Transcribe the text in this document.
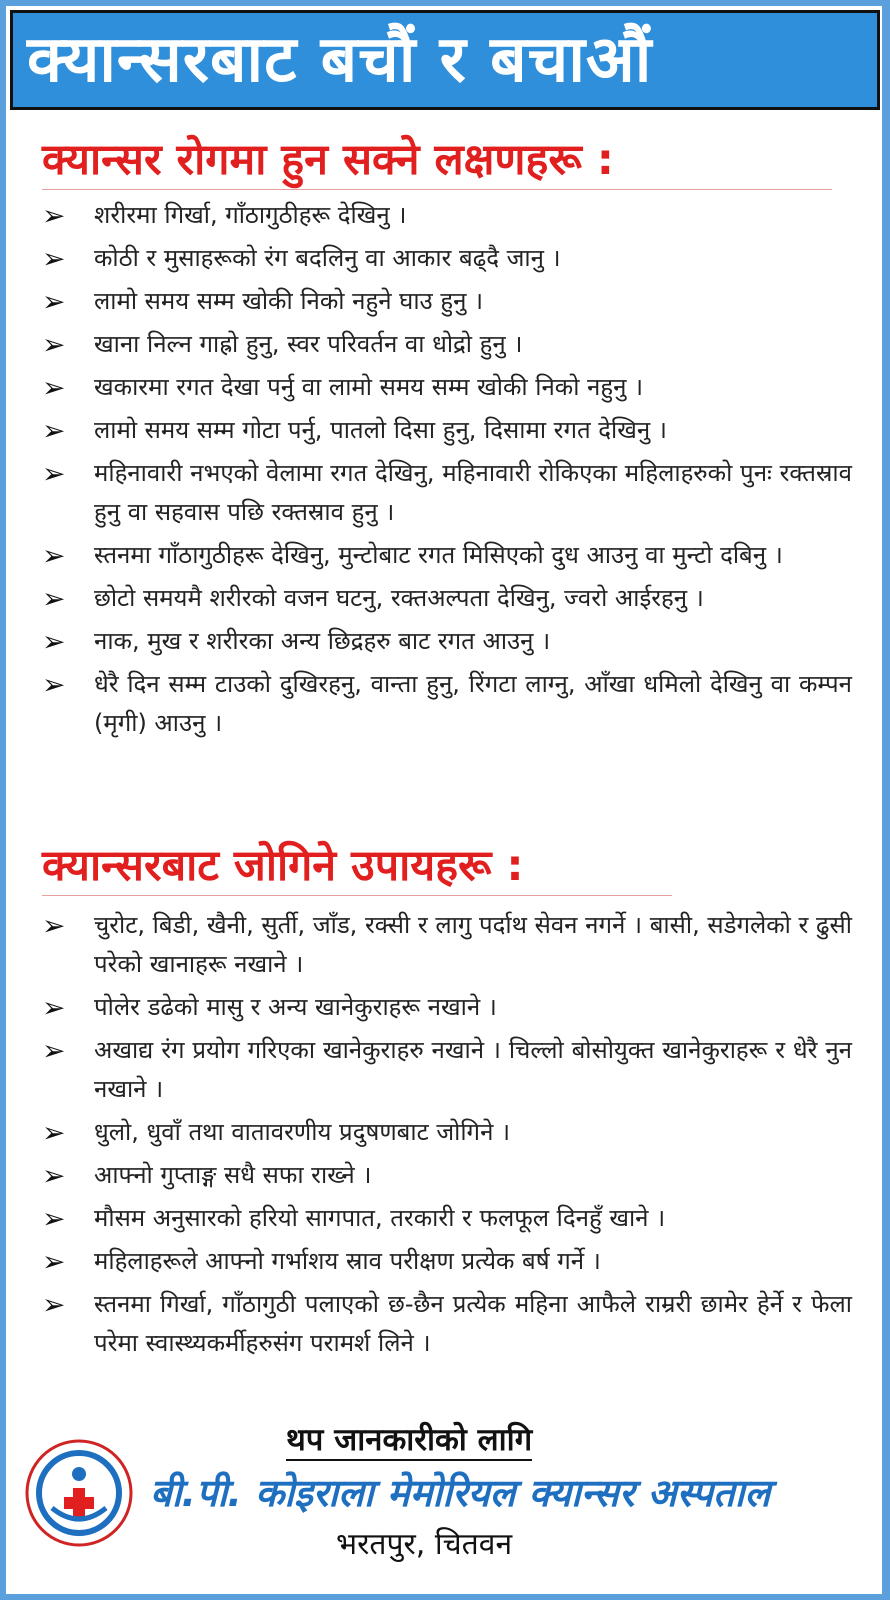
क्यान्सरबाट बचौं र बचाऔं
क्यान्सर रोगमा हुन सक्ने लक्षणहरू :
➢	शरीरमा गिर्खा, गाँठागुठीहरू देखिनु ।
➢	कोठी र मुसाहरूको रंग बदलिनु वा आकार बढ्दै जानु ।
➢	लामो समय सम्म खोकी निको नहुने घाउ हुनु ।
➢	खाना निल्न गाह्रो हुनु, स्वर परिवर्तन वा धोद्रो हुनु ।
➢	खकारमा रगत देखा पर्नु वा लामो समय सम्म खोकी निको नहुनु ।
➢	लामो समय सम्म गोटा पर्नु, पातलो दिसा हुनु, दिसामा रगत देखिनु ।
➢	महिनावारी नभएको वेलामा रगत देखिनु, महिनावारी रोकिएका महिलाहरुको पुनः रक्तस्राव हुनु वा सहवास पछि रक्तस्राव हुनु ।
➢	स्तनमा गाँठागुठीहरू देखिनु, मुन्टोबाट रगत मिसिएको दुध आउनु वा मुन्टो दबिनु ।
➢	छोटो समयमै शरीरको वजन घटनु, रक्तअल्पता देखिनु, ज्वरो आईरहनु ।
➢	नाक, मुख र शरीरका अन्य छिद्रहरु बाट रगत आउनु ।
➢	धेरै दिन सम्म टाउको दुखिरहनु, वान्ता हुनु, रिंगटा लाग्नु, आँखा धमिलो देखिनु वा कम्पन (मृगी) आउनु ।
क्यान्सरबाट जोगिने उपायहरू :
➢	चुरोट, बिडी, खैनी, सुर्ती, जाँड, रक्सी र लागु पर्दाथ सेवन नगर्ने । बासी, सडेगलेको र ढुसी परेको खानाहरू नखाने ।
➢	पोलेर डढेको मासु र अन्य खानेकुराहरू नखाने ।
➢	अखाद्य रंग प्रयोग गरिएका खानेकुराहरु नखाने । चिल्लो बोसोयुक्त खानेकुराहरू र धेरै नुन नखाने ।
➢	धुलो, धुवाँ तथा वातावरणीय प्रदुषणबाट जोगिने ।
➢	आफ्नो गुप्ताङ्ग सधै सफा राख्ने ।
➢	मौसम अनुसारको हरियो सागपात, तरकारी र फलफूल दिनहुँ खाने ।
➢	महिलाहरूले आफ्नो गर्भाशय स्राव परीक्षण प्रत्येक बर्ष गर्ने ।
➢	स्तनमा गिर्खा, गाँठागुठी पलाएको छ-छैन प्रत्येक महिना आफैले राम्ररी छामेर हेर्ने र फेला परेमा स्वास्थ्यकर्मीहरुसंग परामर्श लिने ।
थप जानकारीको लागि
बी.पी. कोइराला मेमोरियल क्यान्सर अस्पताल
भरतपुर, चितवन
